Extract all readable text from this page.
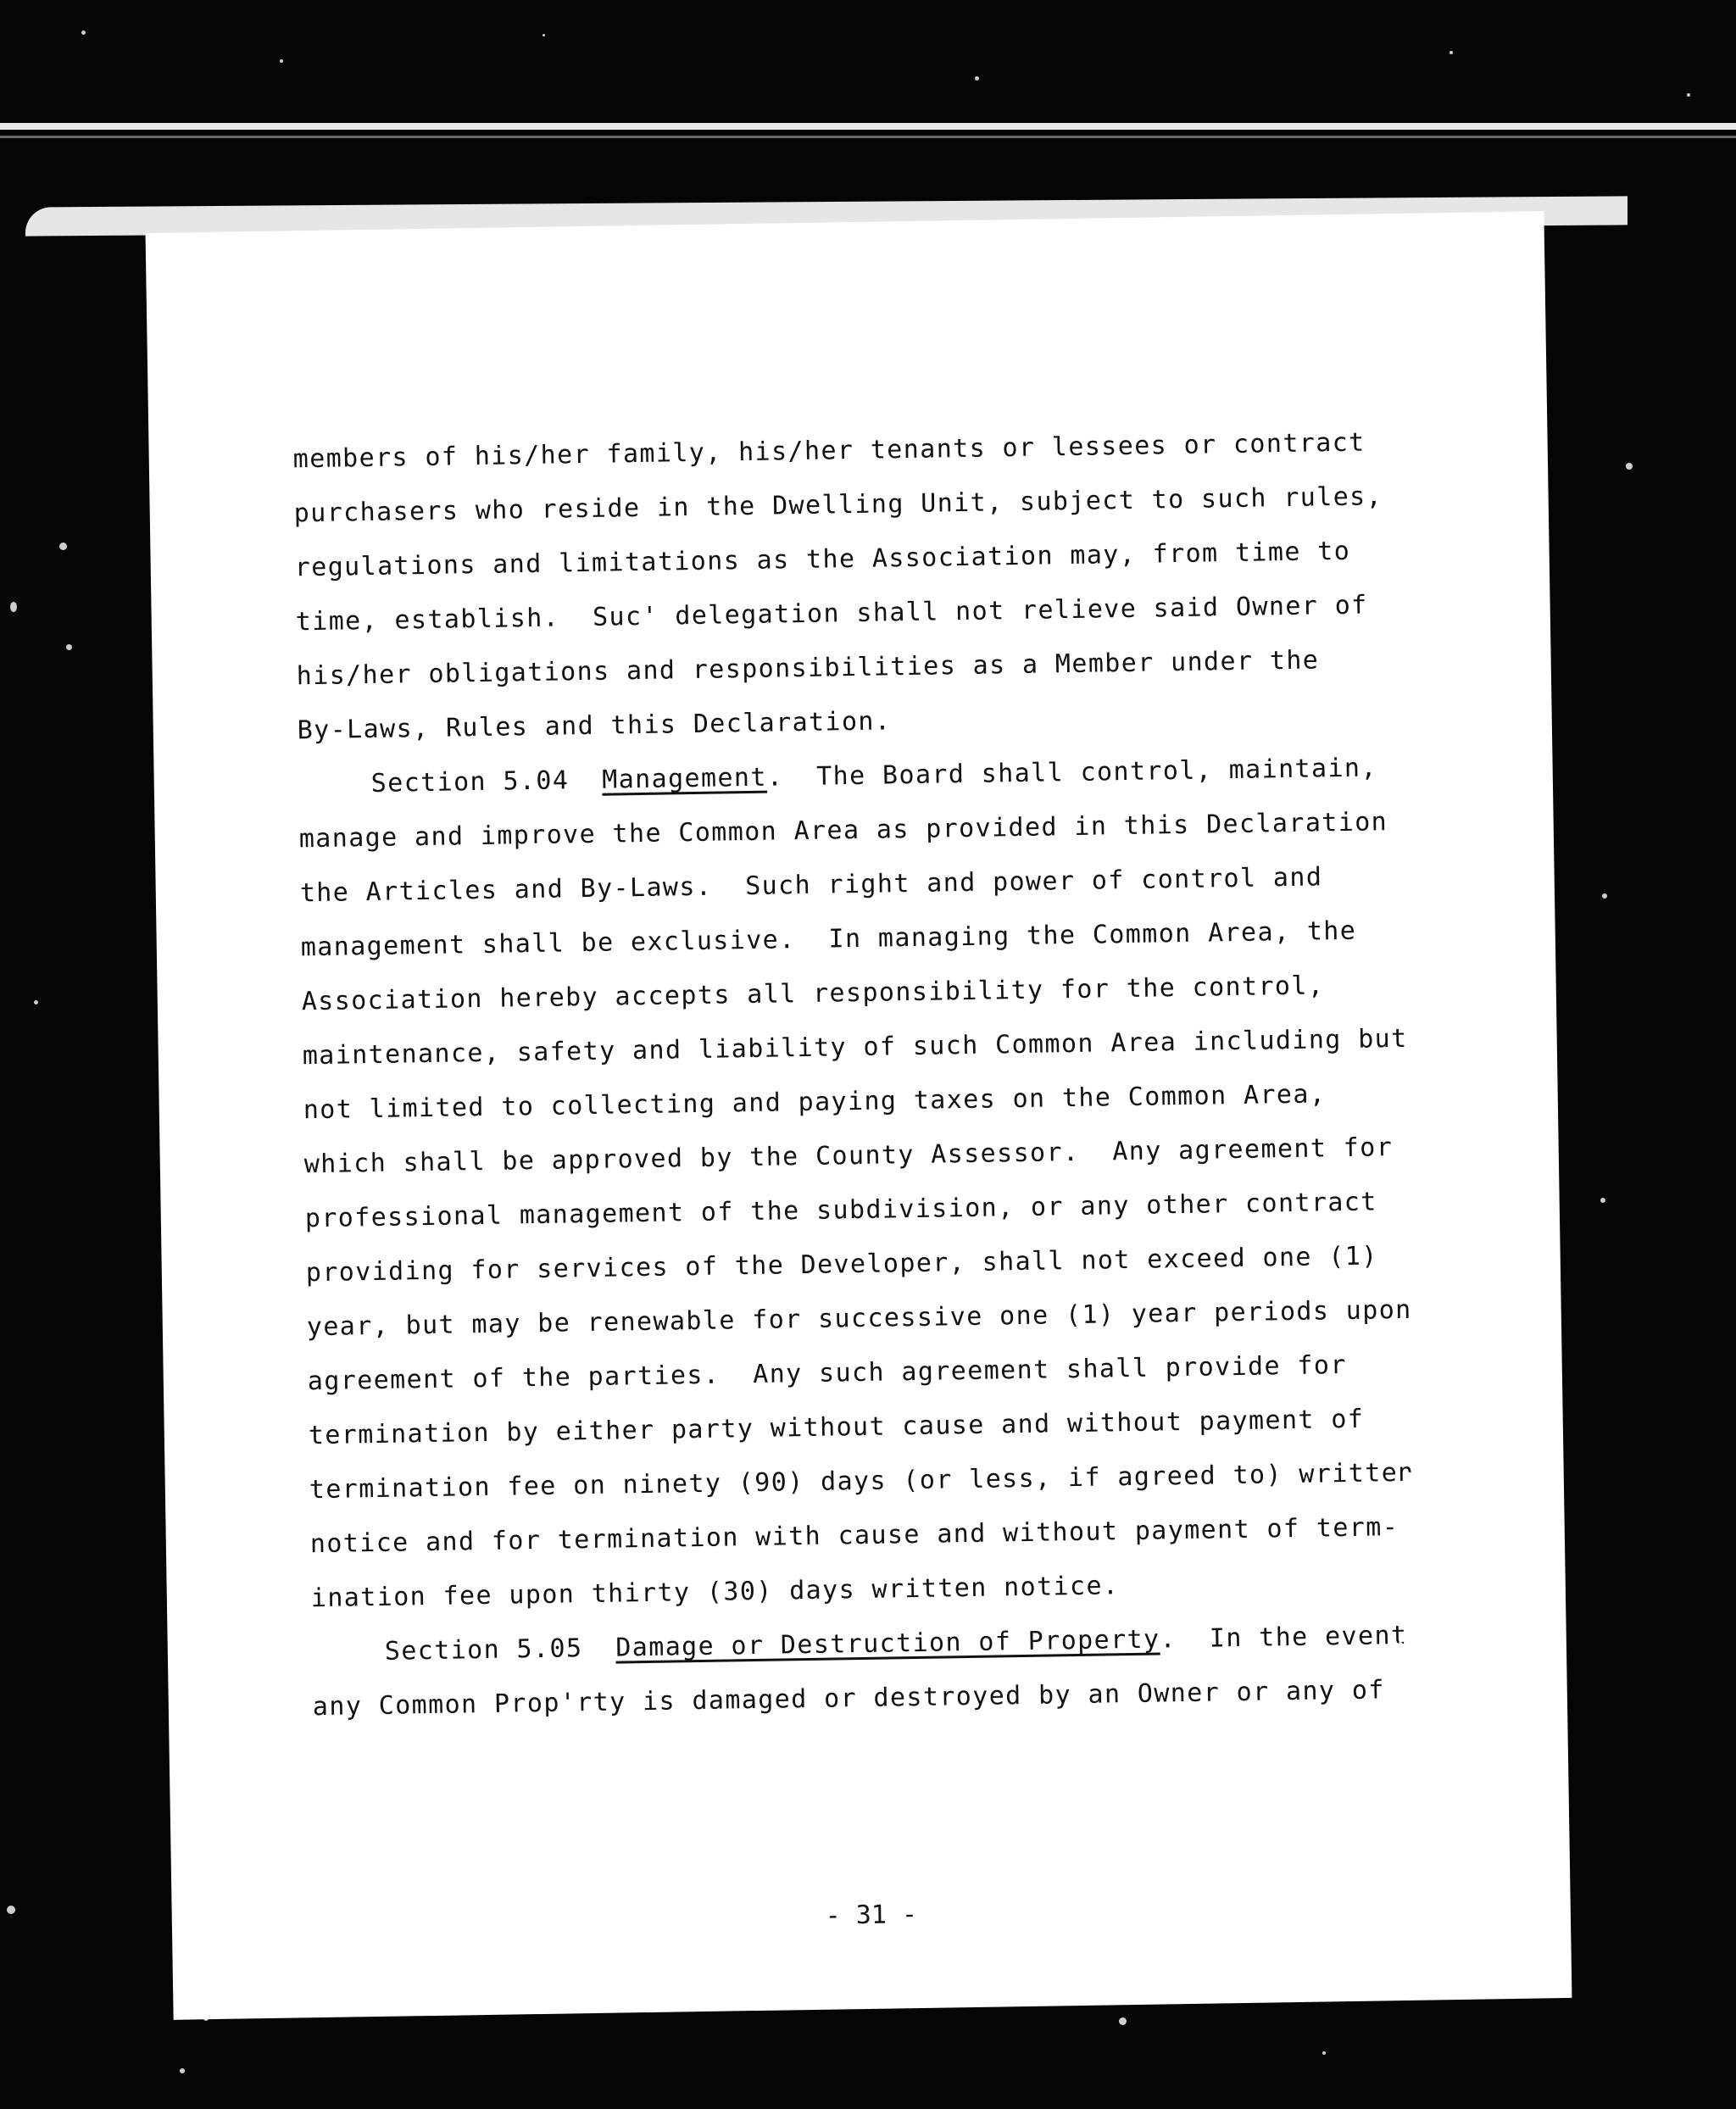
members of his/her family, his/her tenants or lessees or contract
purchasers who reside in the Dwelling Unit, subject to such rules,
regulations and limitations as the Association may, from time to
time, establish.  Suc' delegation shall not relieve said Owner of
his/her obligations and responsibilities as a Member under the
By-Laws, Rules and this Declaration.
Section 5.04  Management.  The Board shall control, maintain,
manage and improve the Common Area as provided in this Declaration
the Articles and By-Laws.  Such right and power of control and
management shall be exclusive.  In managing the Common Area, the
Association hereby accepts all responsibility for the control,
maintenance, safety and liability of such Common Area including but
not limited to collecting and paying taxes on the Common Area,
which shall be approved by the County Assessor.  Any agreement for
professional management of the subdivision, or any other contract
providing for services of the Developer, shall not exceed one (1)
year, but may be renewable for successive one (1) year periods upon
agreement of the parties.  Any such agreement shall provide for
termination by either party without cause and without payment of
termination fee on ninety (90) days (or less, if agreed to) written
notice and for termination with cause and without payment of term-
ination fee upon thirty (30) days written notice.
Section 5.05  Damage or Destruction of Property.  In the event
any Common Prop'rty is damaged or destroyed by an Owner or any of
- 31 -
7490  1026
